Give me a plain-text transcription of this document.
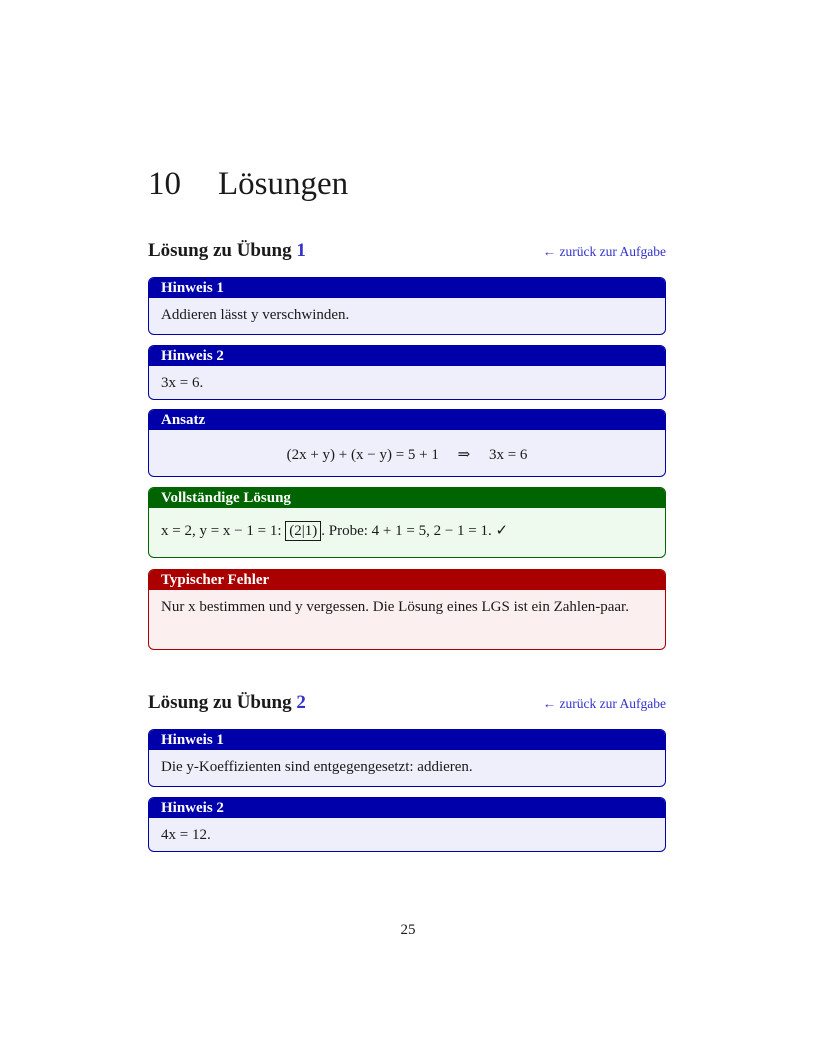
10 Lösungen
Lösung zu Übung 1	← zurück zur Aufgabe
Hinweis 1
Addieren lässt y verschwinden.
Hinweis 2
3x = 6.
Ansatz
(2x + y) + (x − y) = 5 + 1     ⇒     3x = 6
Vollständige Lösung
x = 2, y = x − 1 = 1: (2|1) . Probe: 4 + 1 = 5, 2 − 1 = 1. ✓
Typischer Fehler
Nur x bestimmen und y vergessen. Die Lösung eines LGS ist ein Zahlen-paar.
Lösung zu Übung 2	← zurück zur Aufgabe
Hinweis 1
Die y-Koeffizienten sind entgegengesetzt: addieren.
Hinweis 2
4x = 12.
25
